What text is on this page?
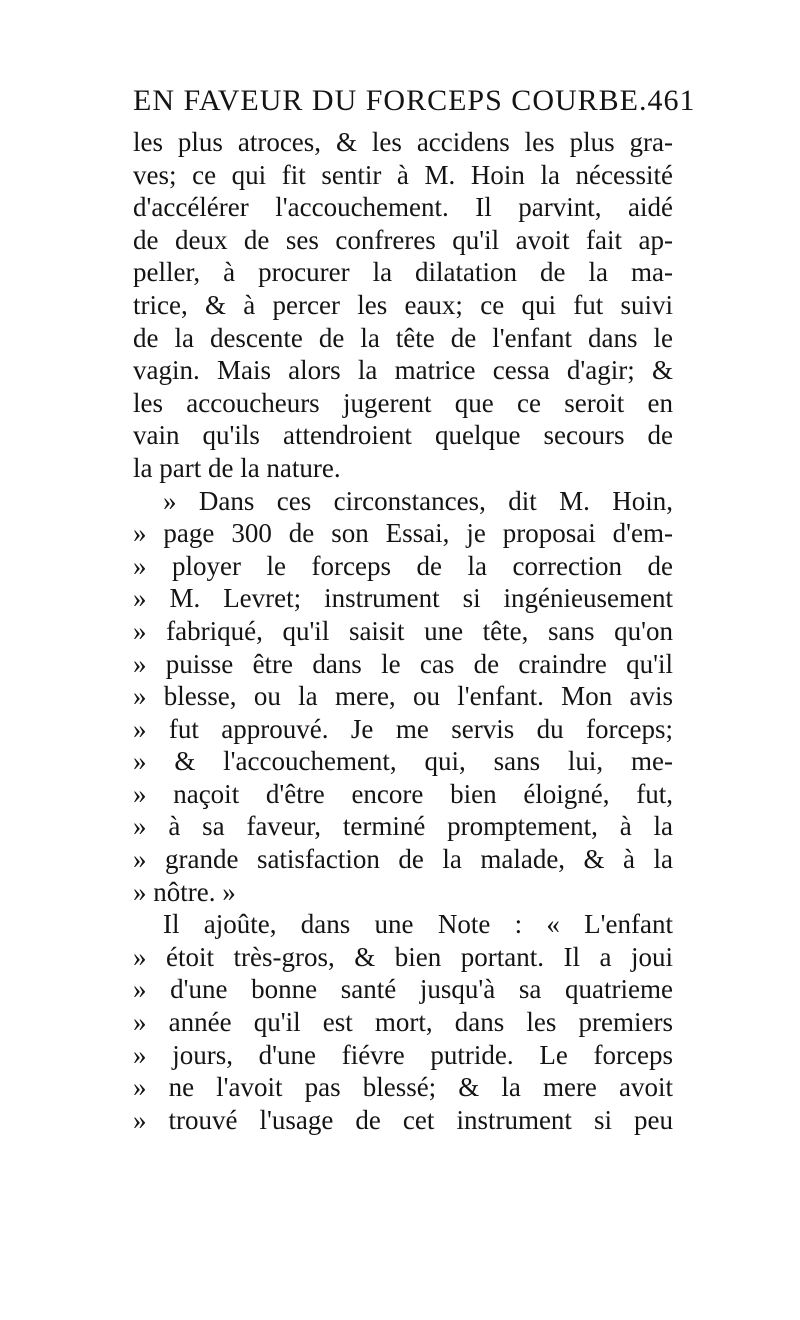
EN FAVEUR DU FORCEPS COURBE. 461
les plus atroces, & les accidens les plus gra-
ves; ce qui fit sentir à M. Hoin la nécessité
d'accélérer l'accouchement. Il parvint, aidé
de deux de ses confreres qu'il avoit fait ap-
peller, à procurer la dilatation de la ma-
trice, & à percer les eaux; ce qui fut suivi
de la descente de la tête de l'enfant dans le
vagin. Mais alors la matrice cessa d'agir; &
les accoucheurs jugerent que ce seroit en
vain qu'ils attendroient quelque secours de
la part de la nature.
» Dans ces circonstances, dit M. Hoin,
» page 300 de son Essai, je proposai d'em-
» ployer le forceps de la correction de
» M. Levret; instrument si ingénieusement
» fabriqué, qu'il saisit une tête, sans qu'on
» puisse être dans le cas de craindre qu'il
» blesse, ou la mere, ou l'enfant. Mon avis
» fut approuvé. Je me servis du forceps;
» & l'accouchement, qui, sans lui, me-
» naçoit d'être encore bien éloigné, fut,
» à sa faveur, terminé promptement, à la
» grande satisfaction de la malade, & à la
» nôtre. »
Il ajoûte, dans une Note : « L'enfant
» étoit très-gros, & bien portant. Il a joui
» d'une bonne santé jusqu'à sa quatrieme
» année qu'il est mort, dans les premiers
» jours, d'une fiévre putride. Le forceps
» ne l'avoit pas blessé; & la mere avoit
» trouvé l'usage de cet instrument si peu
